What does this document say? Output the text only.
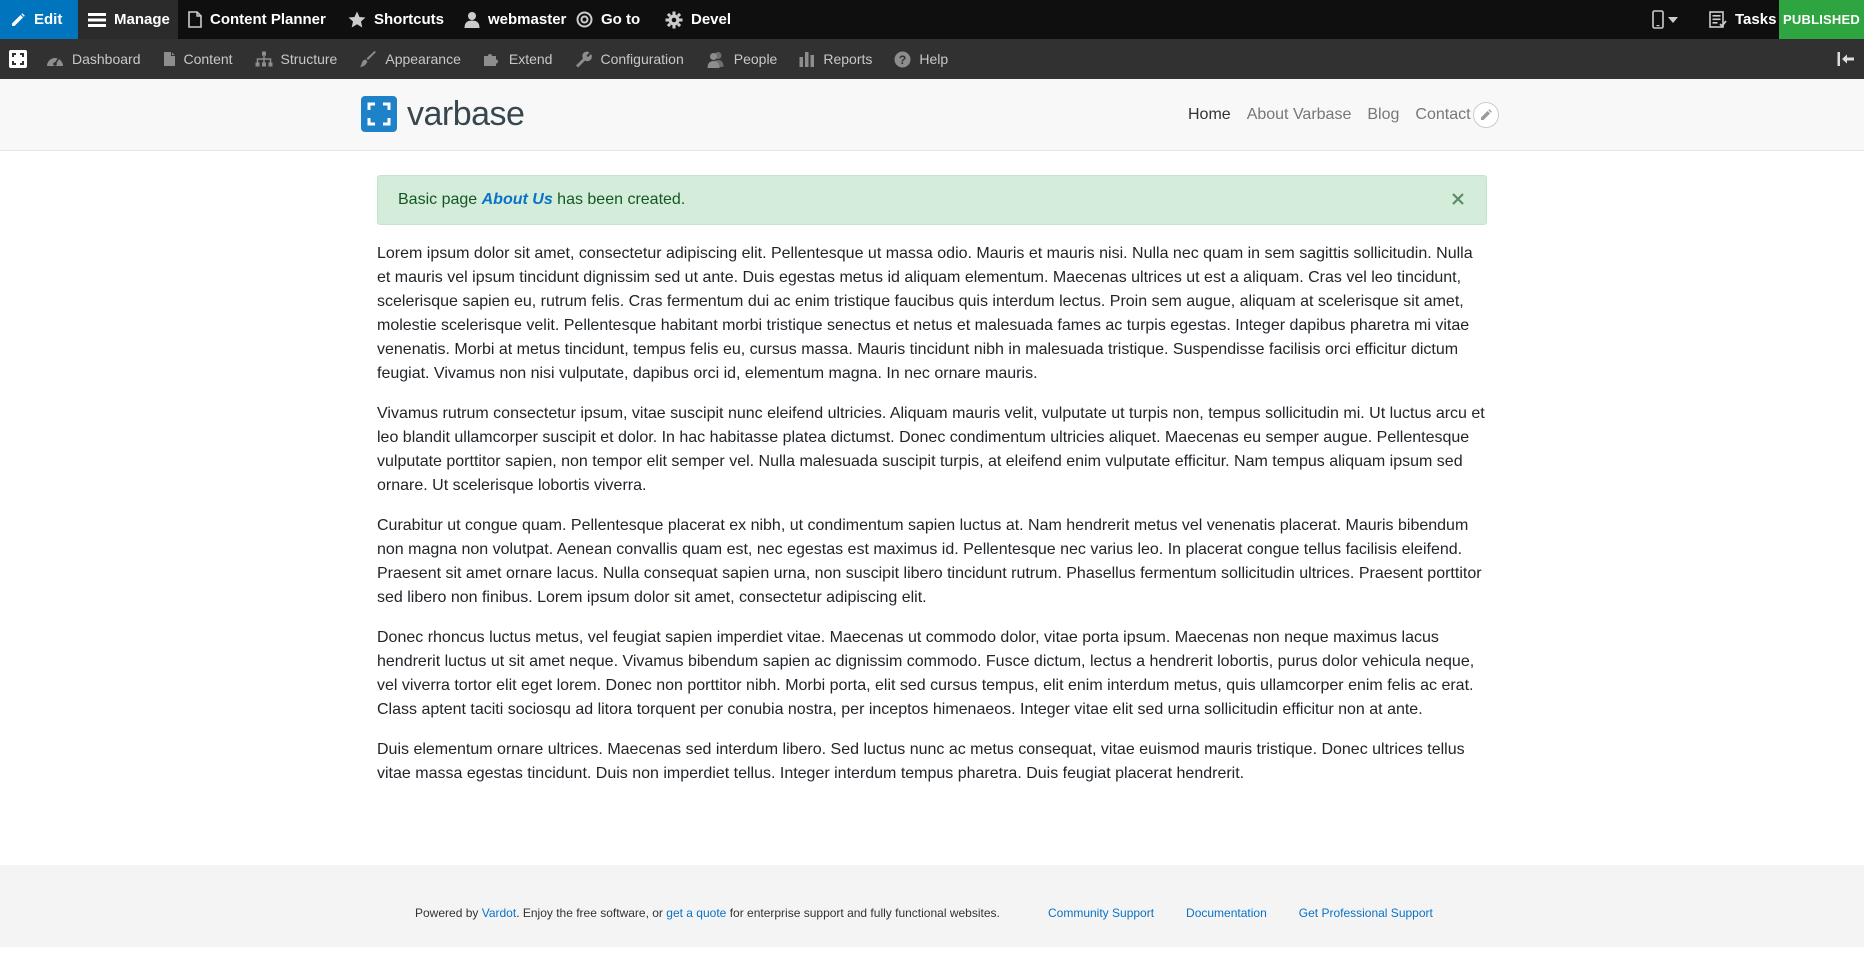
Edit	Manage	Content Planner	Shortcuts	webmaster Go to	Devel	Tasks PUBLISHED
Dashboard	Content	Structure	Appearance	Extend	Configuration	People	Reports ? Help
varbase	Home	About Varbase	Blog	Contact
Basic page About Us has been created.

Lorem ipsum dolor sit amet, consectetur adipiscing elit. Pellentesque ut massa odio. Mauris et mauris nisi. Nulla nec quam in sem sagittis sollicitudin. Nulla et mauris vel ipsum tincidunt dignissim sed ut ante. Duis egestas metus id aliquam elementum. Maecenas ultrices ut est a aliquam. Cras vel leo tincidunt, scelerisque sapien eu, rutrum felis. Cras fermentum dui ac enim tristique faucibus quis interdum lectus. Proin sem augue, aliquam at scelerisque sit amet, molestie scelerisque velit. Pellentesque habitant morbi tristique senectus et netus et malesuada fames ac turpis egestas. Integer dapibus pharetra mi vitae venenatis. Morbi at metus tincidunt, tempus felis eu, cursus massa. Mauris tincidunt nibh in malesuada tristique. Suspendisse facilisis orci efficitur dictum feugiat. Vivamus non nisi vulputate, dapibus orci id, elementum magna. In nec ornare mauris.

Vivamus rutrum consectetur ipsum, vitae suscipit nunc eleifend ultricies. Aliquam mauris velit, vulputate ut turpis non, tempus sollicitudin mi. Ut luctus arcu et leo blandit ullamcorper suscipit et dolor. In hac habitasse platea dictumst. Donec condimentum ultricies aliquet. Maecenas eu semper augue. Pellentesque vulputate porttitor sapien, non tempor elit semper vel. Nulla malesuada suscipit turpis, at eleifend enim vulputate efficitur. Nam tempus aliquam ipsum sed ornare. Ut scelerisque lobortis viverra.

Curabitur ut congue quam. Pellentesque placerat ex nibh, ut condimentum sapien luctus at. Nam hendrerit metus vel venenatis placerat. Mauris bibendum non magna non volutpat. Aenean convallis quam est, nec egestas est maximus id. Pellentesque nec varius leo. In placerat congue tellus facilisis eleifend. Praesent sit amet ornare lacus. Nulla consequat sapien urna, non suscipit libero tincidunt rutrum. Phasellus fermentum sollicitudin ultrices. Praesent porttitor sed libero non finibus. Lorem ipsum dolor sit amet, consectetur adipiscing elit.

Donec rhoncus luctus metus, vel feugiat sapien imperdiet vitae. Maecenas ut commodo dolor, vitae porta ipsum. Maecenas non neque maximus lacus hendrerit luctus ut sit amet neque. Vivamus bibendum sapien ac dignissim commodo. Fusce dictum, lectus a hendrerit lobortis, purus dolor vehicula neque, vel viverra tortor elit eget lorem. Donec non porttitor nibh. Morbi porta, elit sed cursus tempus, elit enim interdum metus, quis ullamcorper enim felis ac erat. Class aptent taciti sociosqu ad litora torquent per conubia nostra, per inceptos himenaeos. Integer vitae elit sed urna sollicitudin efficitur non at ante.

Duis elementum ornare ultrices. Maecenas sed interdum libero. Sed luctus nunc ac metus consequat, vitae euismod mauris tristique. Donec ultrices tellus vitae massa egestas tincidunt. Duis non imperdiet tellus. Integer interdum tempus pharetra. Duis feugiat placerat hendrerit.

Powered by
Vardot . Enjoy the free software, or
get a quote
for enterprise support and fully functional websites.	Community Support	Documentation	Get Professional Support
